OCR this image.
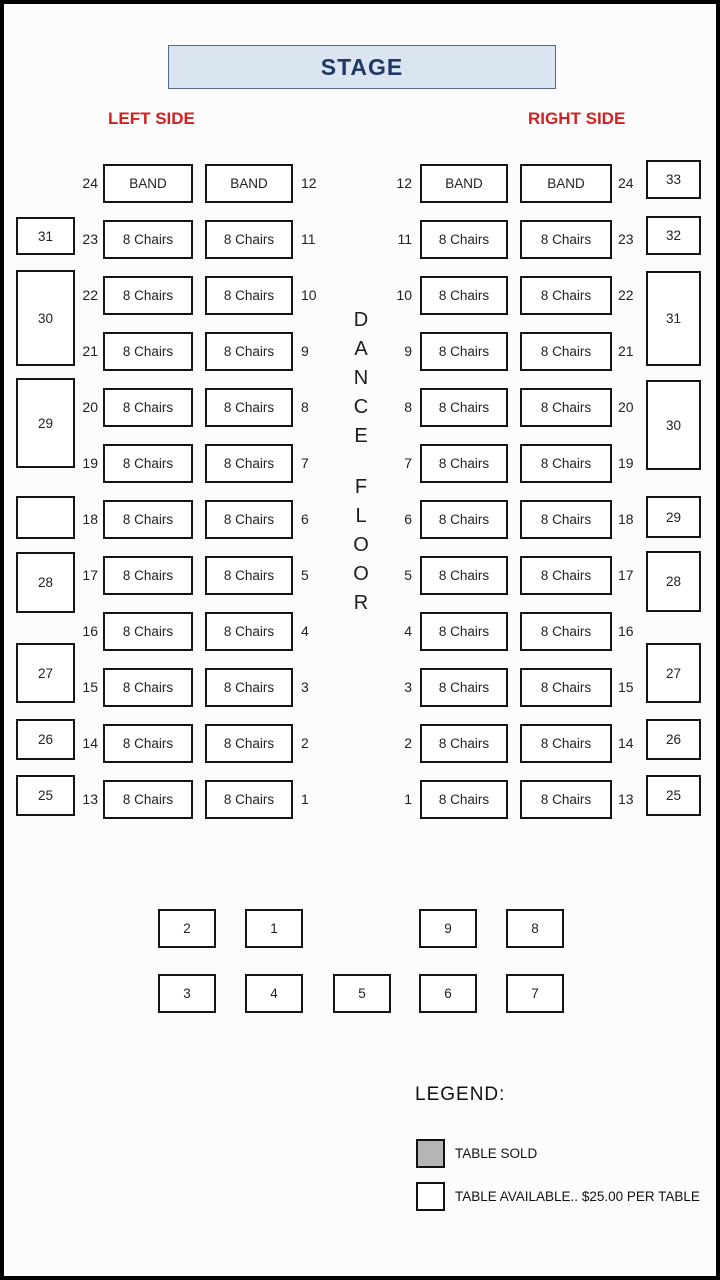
STAGE
LEFT SIDE	RIGHT SIDE
D
A
N
C
E
F
L
O
O
R
LEGEND:
24	BAND	BAND	12	12	BAND	BAND	24
23	8 Chairs	8 Chairs	11	11	8 Chairs	8 Chairs	23
22	8 Chairs	8 Chairs	10	10	8 Chairs	8 Chairs	22
21	8 Chairs	8 Chairs	9	9	8 Chairs	8 Chairs	21
20	8 Chairs	8 Chairs	8	8	8 Chairs	8 Chairs	20
19	8 Chairs	8 Chairs	7	7	8 Chairs	8 Chairs	19
18	8 Chairs	8 Chairs	6	6	8 Chairs	8 Chairs	18
17	8 Chairs	8 Chairs	5	5	8 Chairs	8 Chairs	17
16	8 Chairs	8 Chairs	4	4	8 Chairs	8 Chairs	16
15	8 Chairs	8 Chairs	3	3	8 Chairs	8 Chairs	15
14	8 Chairs	8 Chairs	2	2	8 Chairs	8 Chairs	14
13	8 Chairs	8 Chairs	1	1	8 Chairs	8 Chairs	13
31
30
29
28
27
26
25
33
32
31
30
29
28
27
26
25
2	1	9	8
3	4	5	6	7
TABLE SOLD
TABLE AVAILABLE.. $25.00 PER TABLE
